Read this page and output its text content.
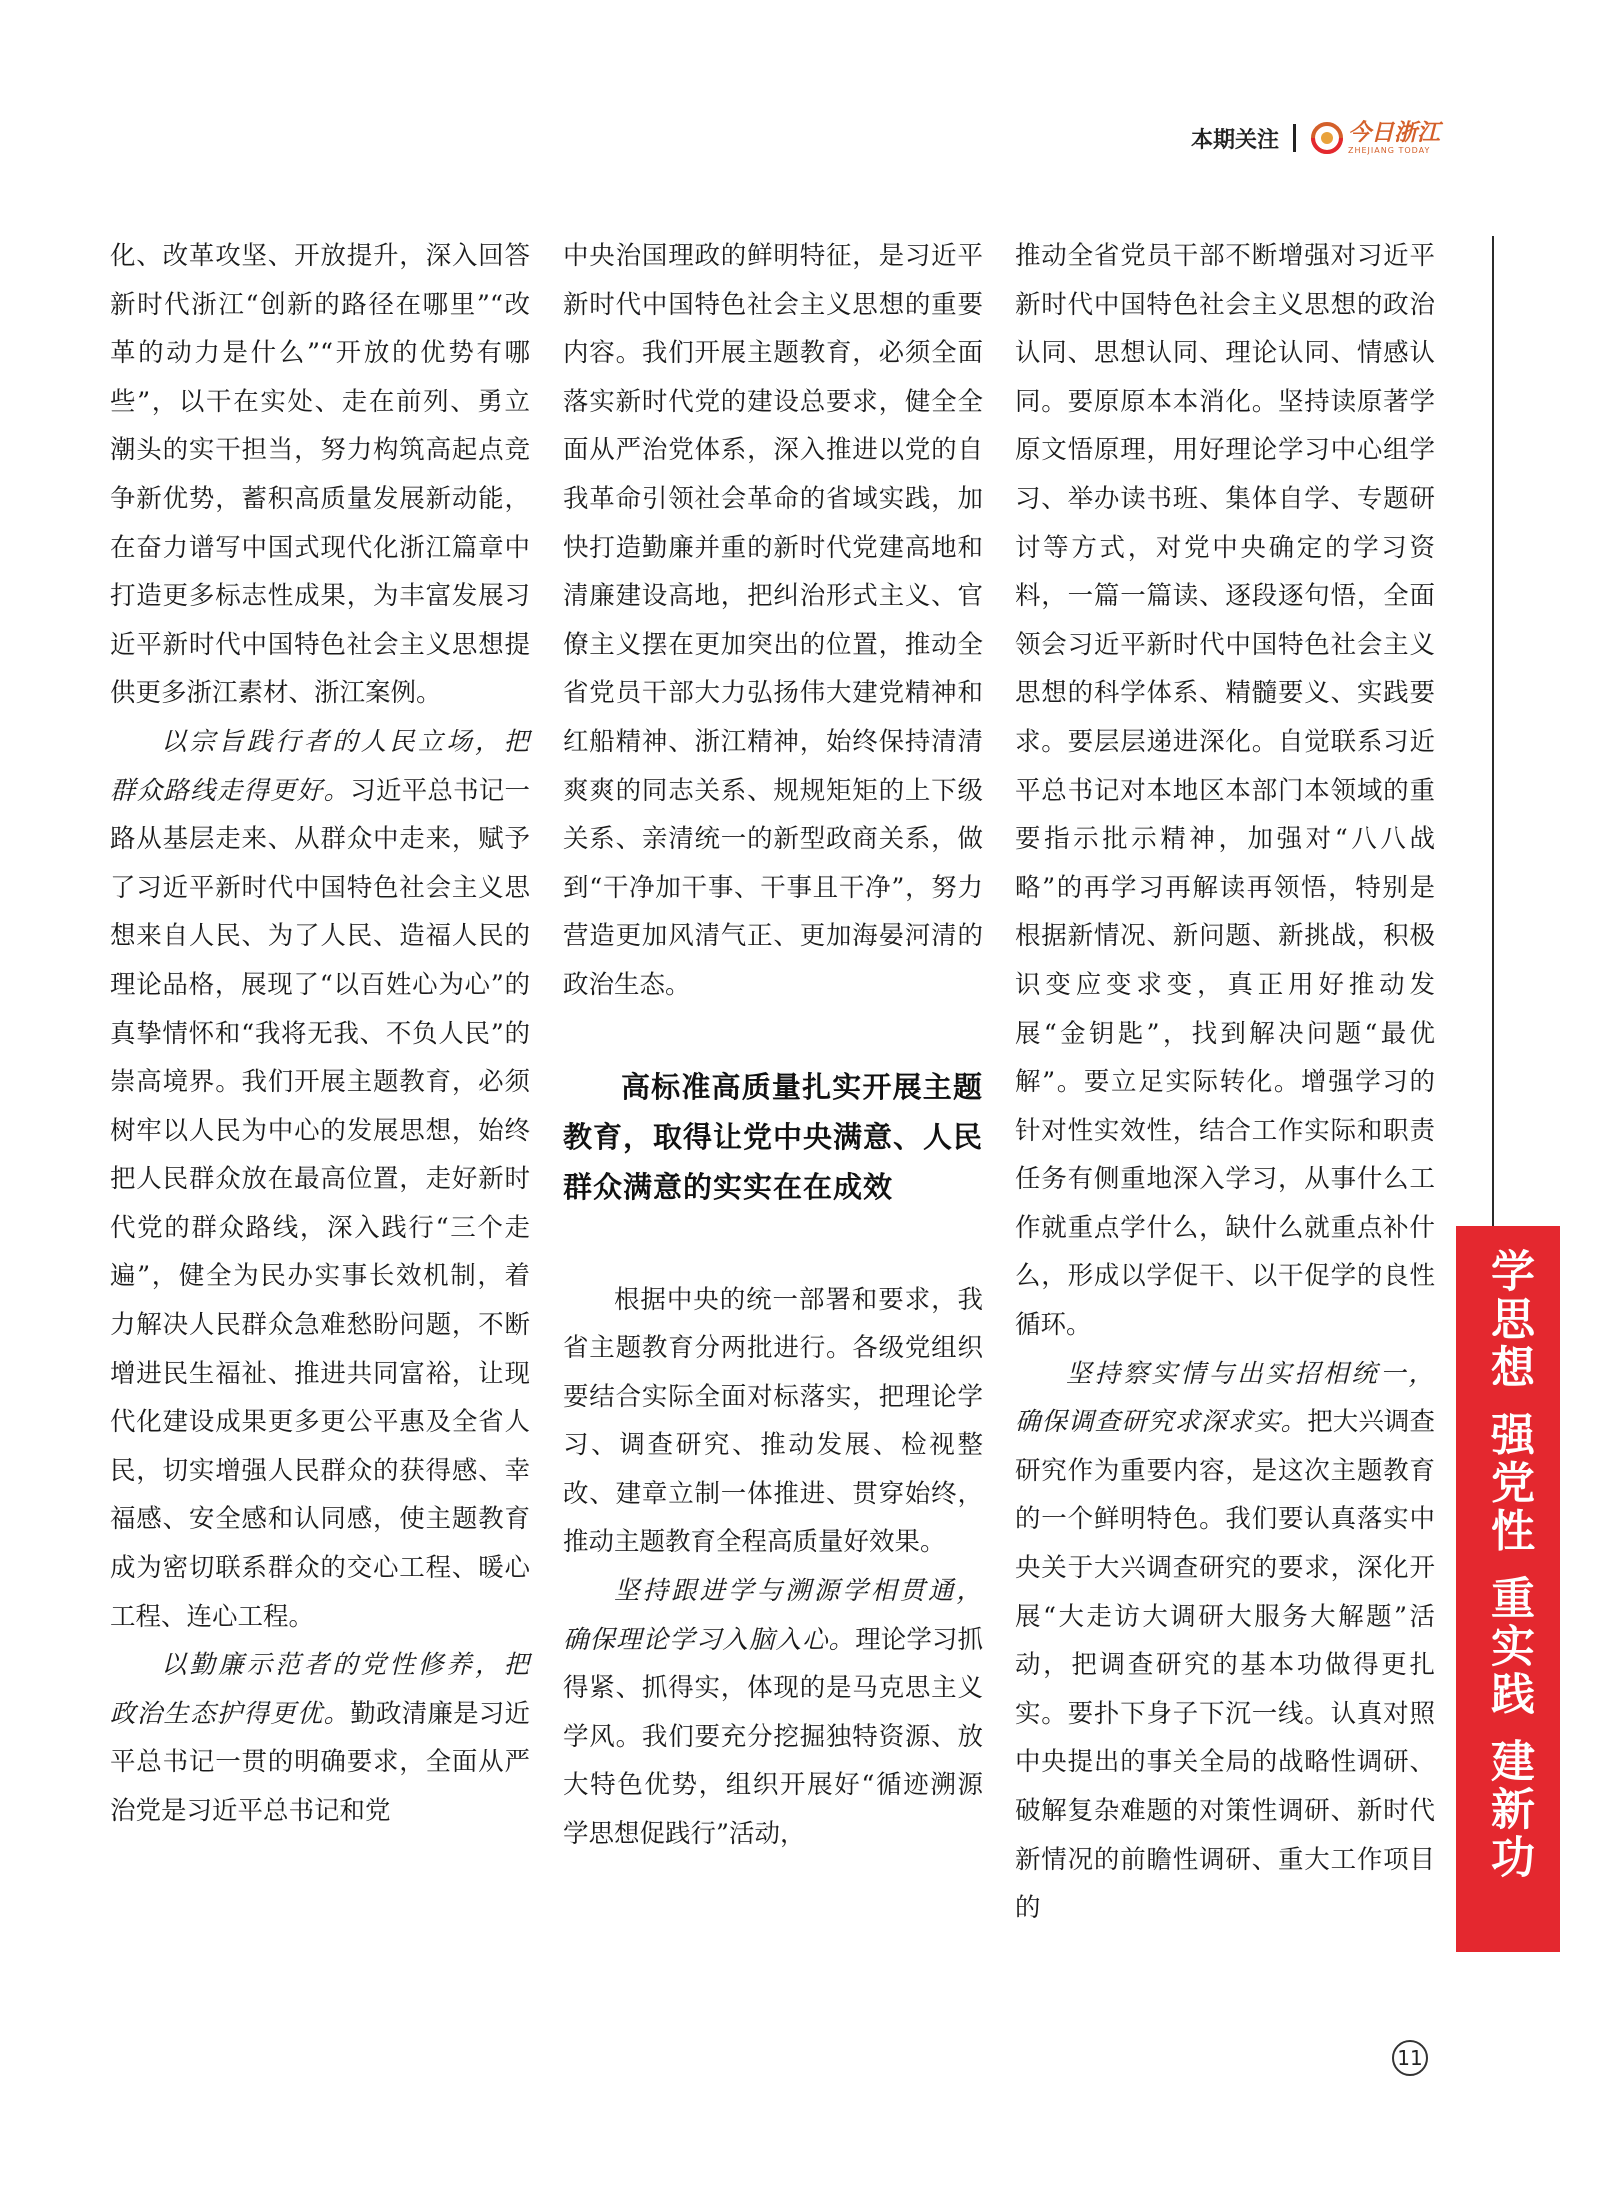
本期关注	今日浙江
ZHEJIANG TODAY

化、改革攻坚、开放提升，深入回答新时代浙江“创新的路径在哪里”“改革的动力是什么”“开放的优势有哪些”，以干在实处、走在前列、勇立潮头的实干担当，努力构筑高起点竞争新优势，蓄积高质量发展新动能，在奋力谱写中国式现代化浙江篇章中打造更多标志性成果，为丰富发展习近平新时代中国特色社会主义思想提供更多浙江素材、浙江案例。

以宗旨践行者的人民立场，把群众路线走得更好。习近平总书记一路从基层走来、从群众中走来，赋予了习近平新时代中国特色社会主义思想来自人民、为了人民、造福人民的理论品格，展现了“以百姓心为心”的真挚情怀和“我将无我、不负人民”的崇高境界。我们开展主题教育，必须树牢以人民为中心的发展思想，始终把人民群众放在最高位置，走好新时代党的群众路线，深入践行“三个走遍”，健全为民办实事长效机制，着力解决人民群众急难愁盼问题，不断增进民生福祉、推进共同富裕，让现代化建设成果更多更公平惠及全省人民，切实增强人民群众的获得感、幸福感、安全感和认同感，使主题教育成为密切联系群众的交心工程、暖心工程、连心工程。

以勤廉示范者的党性修养，把政治生态护得更优。勤政清廉是习近平总书记一贯的明确要求，全面从严治党是习近平总书记和党

中央治国理政的鲜明特征，是习近平新时代中国特色社会主义思想的重要内容。我们开展主题教育，必须全面落实新时代党的建设总要求，健全全面从严治党体系，深入推进以党的自我革命引领社会革命的省域实践，加快打造勤廉并重的新时代党建高地和清廉建设高地，把纠治形式主义、官僚主义摆在更加突出的位置，推动全省党员干部大力弘扬伟大建党精神和红船精神、浙江精神，始终保持清清爽爽的同志关系、规规矩矩的上下级关系、亲清统一的新型政商关系，做到“干净加干事、干事且干净”，努力营造更加风清气正、更加海晏河清的政治生态。

高标准高质量扎实开展主题教育，取得让党中央满意、人民群众满意的实实在在成效

根据中央的统一部署和要求，我省主题教育分两批进行。各级党组织要结合实际全面对标落实，把理论学习、调查研究、推动发展、检视整改、建章立制一体推进、贯穿始终，推动主题教育全程高质量好效果。

坚持跟进学与溯源学相贯通，确保理论学习入脑入心。理论学习抓得紧、抓得实，体现的是马克思主义学风。我们要充分挖掘独特资源、放大特色优势，组织开展好“循迹溯源学思想促践行”活动，

推动全省党员干部不断增强对习近平新时代中国特色社会主义思想的政治认同、思想认同、理论认同、情感认同。要原原本本消化。坚持读原著学原文悟原理，用好理论学习中心组学习、举办读书班、集体自学、专题研讨等方式，对党中央确定的学习资料，一篇一篇读、逐段逐句悟，全面领会习近平新时代中国特色社会主义思想的科学体系、精髓要义、实践要求。要层层递进深化。自觉联系习近平总书记对本地区本部门本领域的重要指示批示精神，加强对“八八战略”的再学习再解读再领悟，特别是根据新情况、新问题、新挑战，积极识变应变求变，真正用好推动发展“金钥匙”，找到解决问题“最优解”。要立足实际转化。增强学习的针对性实效性，结合工作实际和职责任务有侧重地深入学习，从事什么工作就重点学什么，缺什么就重点补什么，形成以学促干、以干促学的良性循环。

坚持察实情与出实招相统一，确保调查研究求深求实。把大兴调查研究作为重要内容，是这次主题教育的一个鲜明特色。我们要认真落实中央关于大兴调查研究的要求，深化开展“大走访大调研大服务大解题”活动，把调查研究的基本功做得更扎实。要扑下身子下沉一线。认真对照中央提出的事关全局的战略性调研、破解复杂难题的对策性调研、新时代新情况的前瞻性调研、重大工作项目的

学思想 强党性 重实践 建新功
11
